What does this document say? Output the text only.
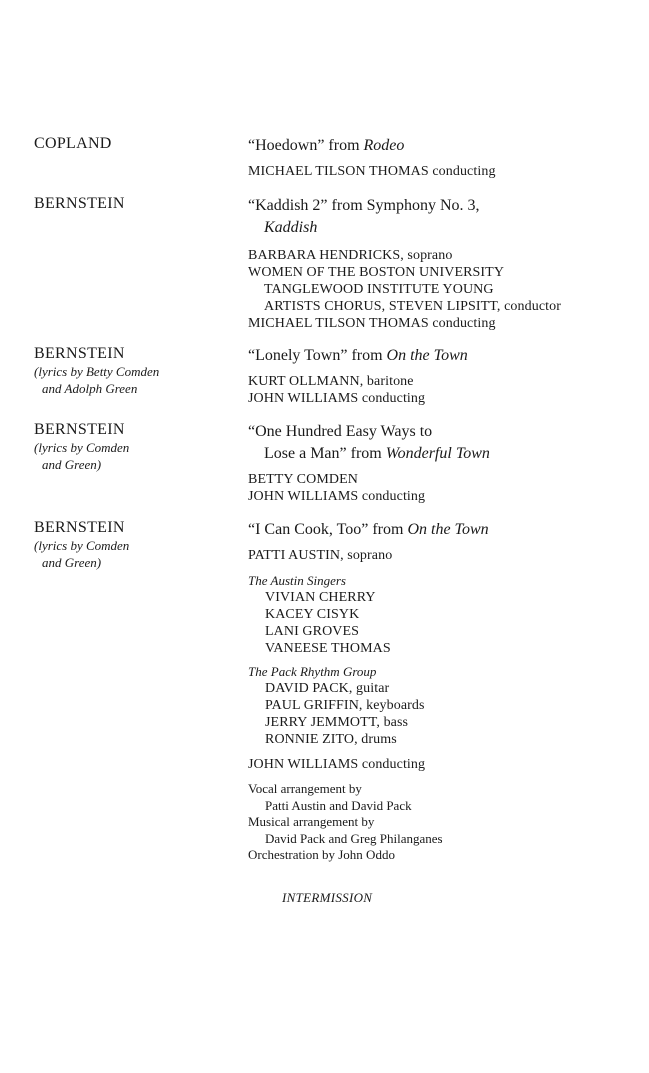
COPLAND	“Hoedown” from Rodeo
MICHAEL TILSON THOMAS conducting
BERNSTEIN	“Kaddish 2” from Symphony No. 3,
Kaddish
BARBARA HENDRICKS, soprano
WOMEN OF THE BOSTON UNIVERSITY
TANGLEWOOD INSTITUTE YOUNG
ARTISTS CHORUS, STEVEN LIPSITT, conductor
MICHAEL TILSON THOMAS conducting
BERNSTEIN
(lyrics by Betty Comden
and Adolph Green
“Lonely Town” from On the Town
KURT OLLMANN, baritone
JOHN WILLIAMS conducting
BERNSTEIN
(lyrics by Comden
and Green)
“One Hundred Easy Ways to
Lose a Man” from Wonderful Town
BETTY COMDEN
JOHN WILLIAMS conducting
BERNSTEIN
(lyrics by Comden
and Green)
“I Can Cook, Too” from On the Town
PATTI AUSTIN, soprano
The Austin Singers
VIVIAN CHERRY
KACEY CISYK
LANI GROVES
VANEESE THOMAS
The Pack Rhythm Group
DAVID PACK, guitar
PAUL GRIFFIN, keyboards
JERRY JEMMOTT, bass
RONNIE ZITO, drums
JOHN WILLIAMS conducting
Vocal arrangement by
Patti Austin and David Pack
Musical arrangement by
David Pack and Greg Philanganes
Orchestration by John Oddo
INTERMISSION
